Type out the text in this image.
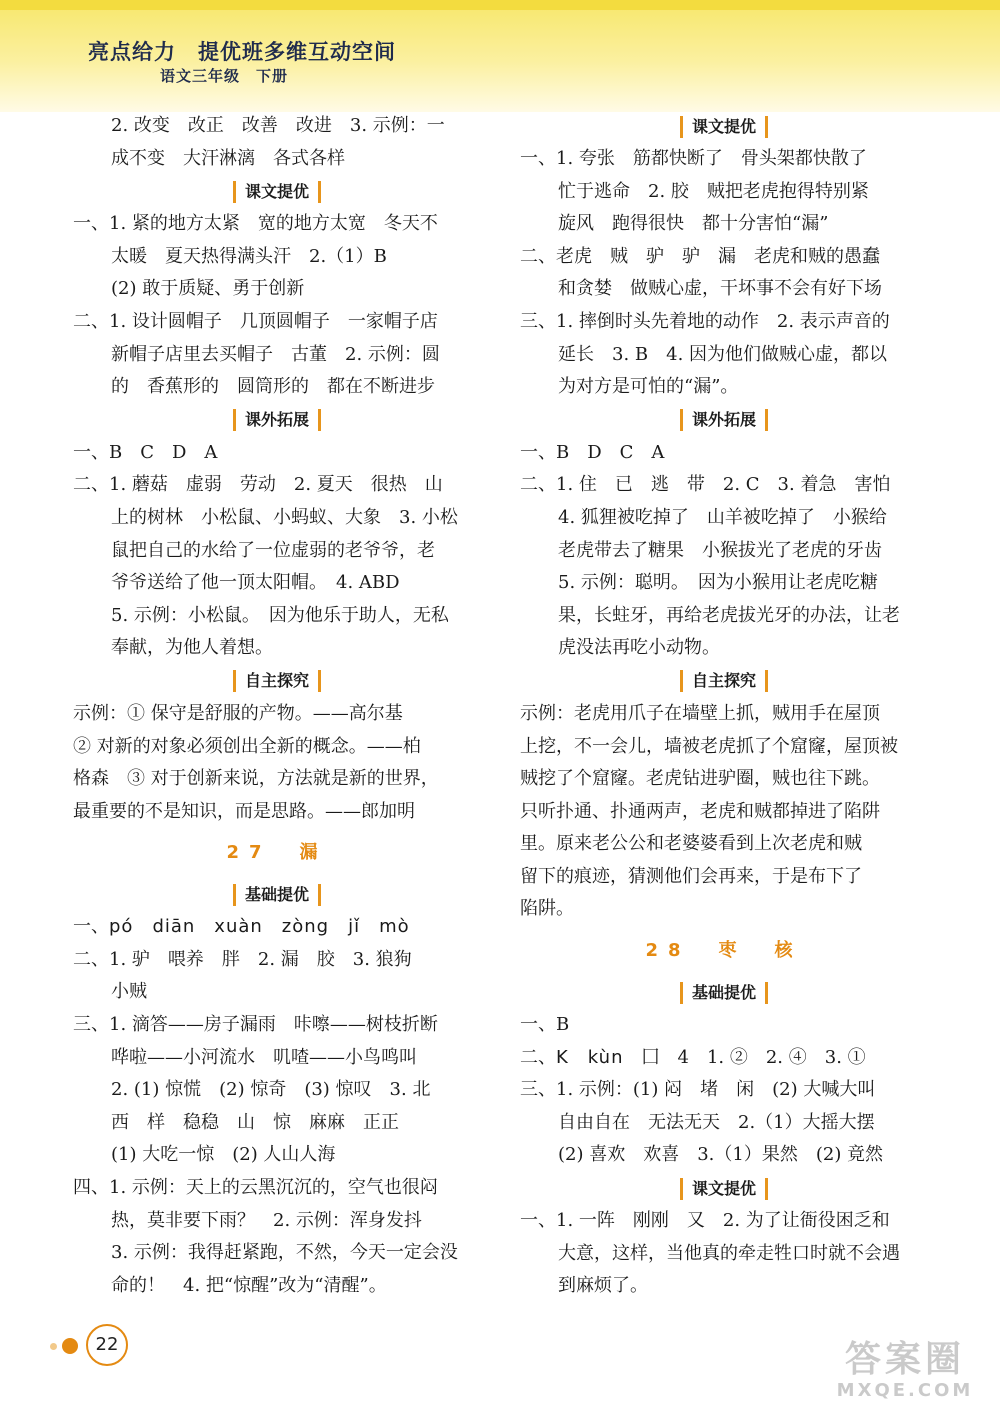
亮点给力　提优班多维互动空间
语文三年级　下册
2. 改变　改正　改善　改进　3. 示例：一
成不变　大汗淋漓　各式各样
课文提优
一、1. 紧的地方太紧　宽的地方太宽　冬天不
太暖　夏天热得满头汗　2.（1）B
(2) 敢于质疑、勇于创新
二、1. 设计圆帽子　几顶圆帽子　一家帽子店
新帽子店里去买帽子　古董　2. 示例：圆
的　香蕉形的　圆筒形的　都在不断进步
课外拓展
一、B　C　D　A
二、1. 蘑菇　虚弱　劳动　2. 夏天　很热　山
上的树林　小松鼠、小蚂蚁、大象　3. 小松
鼠把自己的水给了一位虚弱的老爷爷，老
爷爷送给了他一顶太阳帽。　4. ABD
5. 示例：小松鼠。　因为他乐于助人，无私
奉献，为他人着想。
自主探究
示例：① 保守是舒服的产物。——高尔基
② 对新的对象必须创出全新的概念。——柏
格森　③ 对于创新来说，方法就是新的世界，
最重要的不是知识，而是思路。——郎加明
27　漏
基础提优
一、pó　diān　xuàn　zòng　jǐ　mò
二、1. 驴　喂养　胖　2. 漏　胶　3. 狼狗
小贼
三、1. 滴答——房子漏雨　咔嚓——树枝折断
哗啦——小河流水　叽喳——小鸟鸣叫
2. (1) 惊慌　(2) 惊奇　(3) 惊叹　3. 北
西　样　稳稳　山　惊　麻麻　正正
(1) 大吃一惊　(2) 人山人海
四、1. 示例：天上的云黑沉沉的，空气也很闷
热，莫非要下雨？　2. 示例：浑身发抖
3. 示例：我得赶紧跑，不然，今天一定会没
命的！　4. 把“惊醒”改为“清醒”。
课文提优
一、1. 夸张　筋都快断了　骨头架都快散了
忙于逃命　2. 胶　贼把老虎抱得特别紧
旋风　跑得很快　都十分害怕“漏”
二、老虎　贼　驴　驴　漏　老虎和贼的愚蠢
和贪婪　做贼心虚，干坏事不会有好下场
三、1. 摔倒时头先着地的动作　2. 表示声音的
延长　3. B　4. 因为他们做贼心虚，都以
为对方是可怕的“漏”。
课外拓展
一、B　D　C　A
二、1. 住　已　逃　带　2. C　3. 着急　害怕
4. 狐狸被吃掉了　山羊被吃掉了　小猴给
老虎带去了糖果　小猴拔光了老虎的牙齿
5. 示例：聪明。　因为小猴用让老虎吃糖
果，长蛀牙，再给老虎拔光牙的办法，让老
虎没法再吃小动物。
自主探究
示例：老虎用爪子在墙壁上抓，贼用手在屋顶
上挖，不一会儿，墙被老虎抓了个窟窿，屋顶被
贼挖了个窟窿。老虎钻进驴圈，贼也往下跳。
只听扑通、扑通两声，老虎和贼都掉进了陷阱
里。原来老公公和老婆婆看到上次老虎和贼
留下的痕迹，猜测他们会再来，于是布下了
陷阱。
28　枣　核
基础提优
一、B
二、K　kùn　囗　4　1. ②　2. ④　3. ①
三、1. 示例：(1) 闷　堵　闲　(2) 大喊大叫
自由自在　无法无天　2.（1）大摇大摆
(2) 喜欢　欢喜　3.（1）果然　(2) 竟然
课文提优
一、1. 一阵　刚刚　又　2. 为了让衙役困乏和
大意，这样，当他真的牵走牲口时就不会遇
到麻烦了。
22	答案圈
MXQE.COM
